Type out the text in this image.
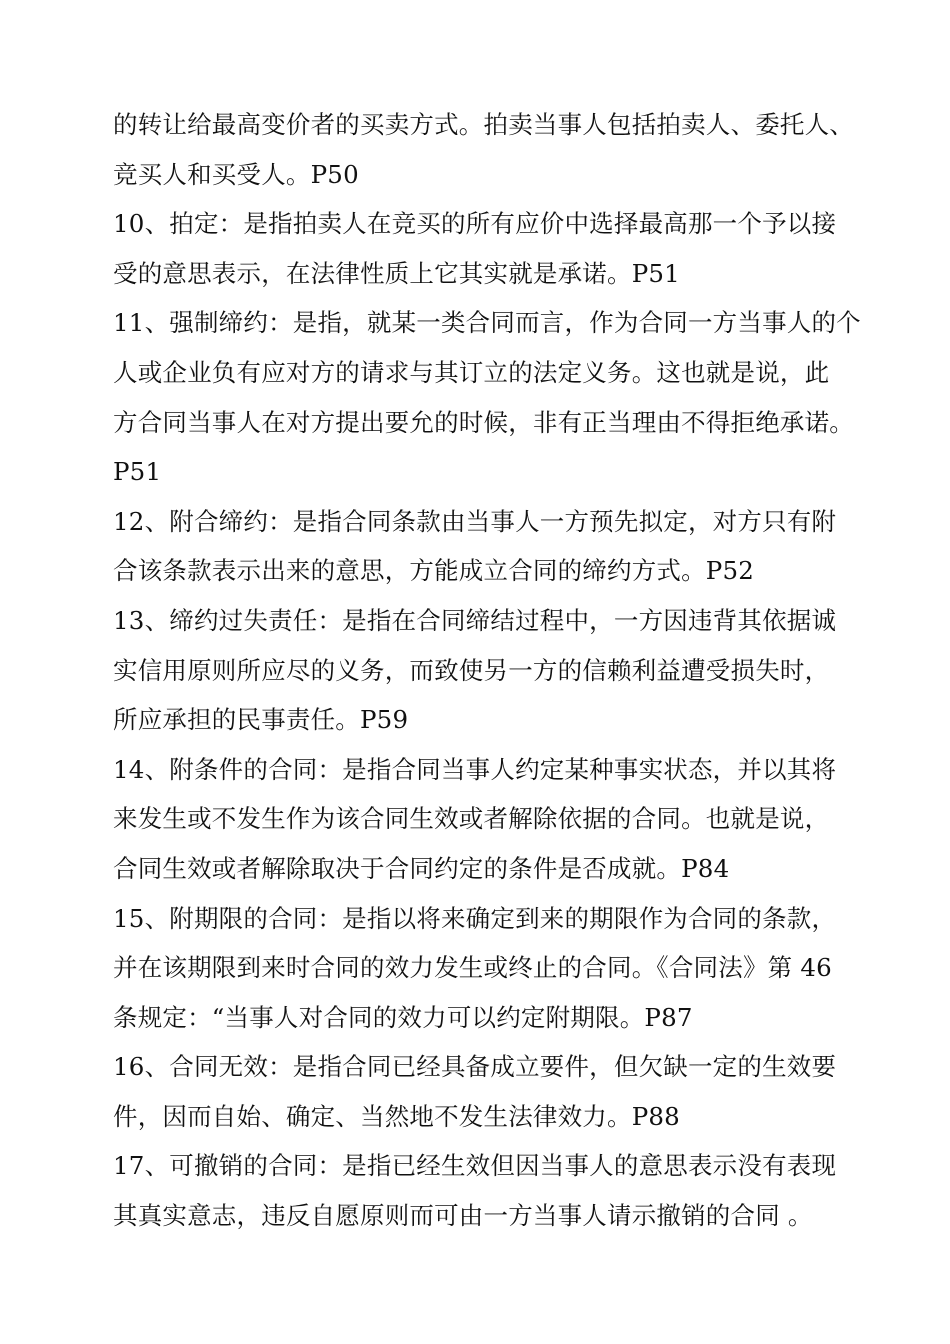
的转让给最高变价者的买卖方式。拍卖当事人包括拍卖人、委托人、
竞买人和买受人。P50
10、拍定：是指拍卖人在竞买的所有应价中选择最高那一个予以接
受的意思表示，在法律性质上它其实就是承诺。P51
11、强制缔约：是指，就某一类合同而言，作为合同一方当事人的个
人或企业负有应对方的请求与其订立的法定义务。这也就是说，此
方合同当事人在对方提出要允的时候，非有正当理由不得拒绝承诺。
P51
12、附合缔约：是指合同条款由当事人一方预先拟定，对方只有附
合该条款表示出来的意思，方能成立合同的缔约方式。P52
13、缔约过失责任：是指在合同缔结过程中，一方因违背其依据诚
实信用原则所应尽的义务，而致使另一方的信赖利益遭受损失时，
所应承担的民事责任。P59
14、附条件的合同：是指合同当事人约定某种事实状态，并以其将
来发生或不发生作为该合同生效或者解除依据的合同。也就是说，
合同生效或者解除取决于合同约定的条件是否成就。P84
15、附期限的合同：是指以将来确定到来的期限作为合同的条款，
并在该期限到来时合同的效力发生或终止的合同。《合同法》第 46
条规定：“当事人对合同的效力可以约定附期限。P87
16、合同无效：是指合同已经具备成立要件，但欠缺一定的生效要
件，因而自始、确定、当然地不发生法律效力。P88
17、可撤销的合同：是指已经生效但因当事人的意思表示没有表现
其真实意志，违反自愿原则而可由一方当事人请示撤销的合同 。
